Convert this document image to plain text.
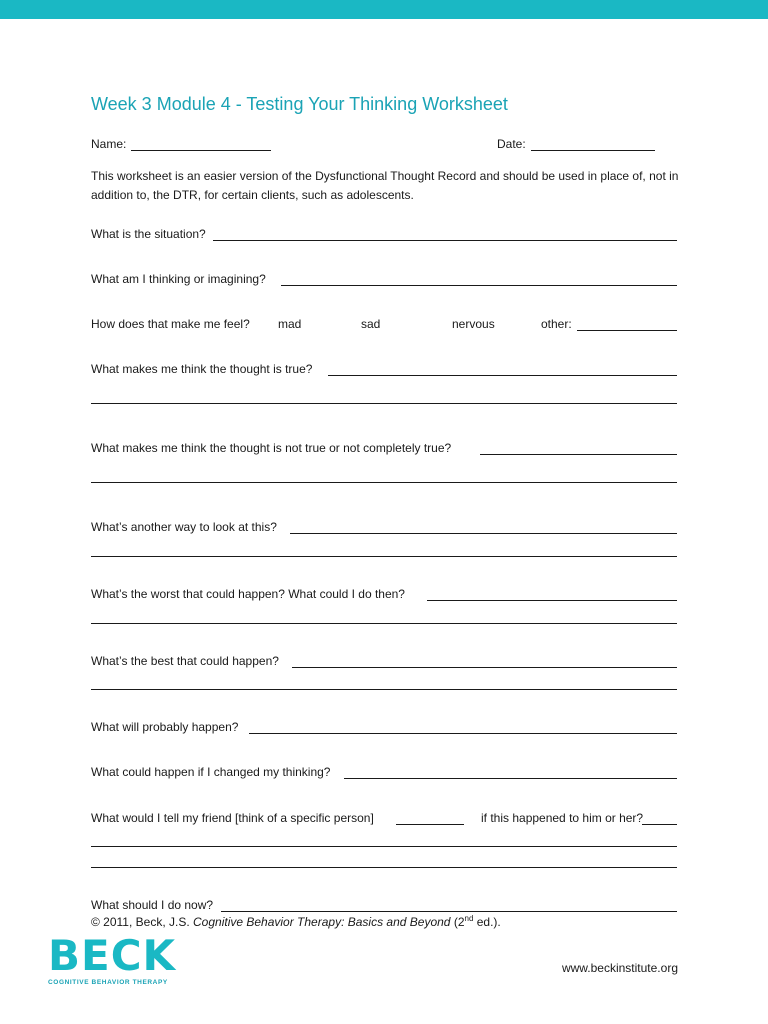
Week 3 Module 4 - Testing Your Thinking Worksheet
Name:	Date:
This worksheet is an easier version of the Dysfunctional Thought Record and should be used in place of, not in addition to, the DTR, for certain clients, such as adolescents.
What is the situation?
What am I thinking or imagining?
How does that make me feel? mad	sad	nervous	other:
What makes me think the thought is true?
What makes me think the thought is not true or not completely true?
What’s another way to look at this?
What’s the worst that could happen? What could I do then?
What’s the best that could happen?
What will probably happen?
What could happen if I changed my thinking?
What would I tell my friend [think of a specific person]	if this happened to him or her?
What should I do now?
© 2011, Beck, J.S. Cognitive Behavior Therapy: Basics and Beyond (2nd ed.).
BECK
COGNITIVE BEHAVIOR THERAPY
www.beckinstitute.org
